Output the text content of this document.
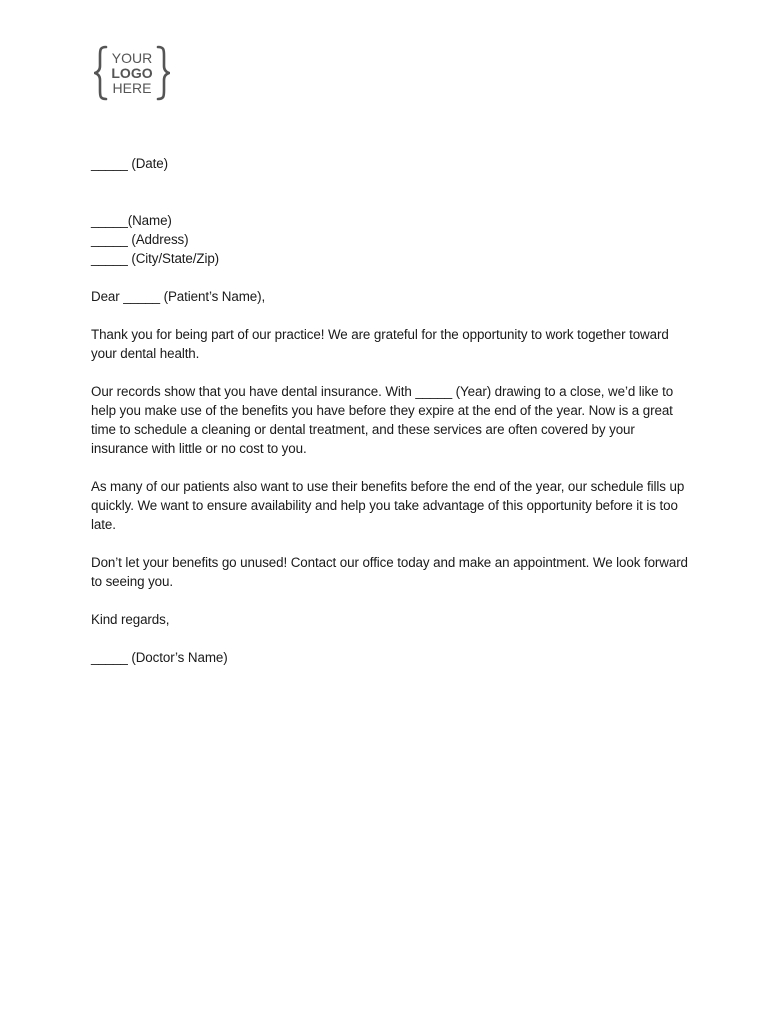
YOUR
LOGO
HERE
_____ (Date)
_____(Name)
_____ (Address)
_____ (City/State/Zip)

Dear _____ (Patient’s Name),

Thank you for being part of our practice! We are grateful for the opportunity to work together toward your dental health.

Our records show that you have dental insurance. With _____ (Year) drawing to a close, we’d like to help you make use of the benefits you have before they expire at the end of the year. Now is a great time to schedule a cleaning or dental treatment, and these services are often covered by your insurance with little or no cost to you.

As many of our patients also want to use their benefits before the end of the year, our schedule fills up quickly. We want to ensure availability and help you take advantage of this opportunity before it is too late.

Don’t let your benefits go unused! Contact our office today and make an appointment. We look forward to seeing you.

Kind regards,

_____ (Doctor’s Name)
